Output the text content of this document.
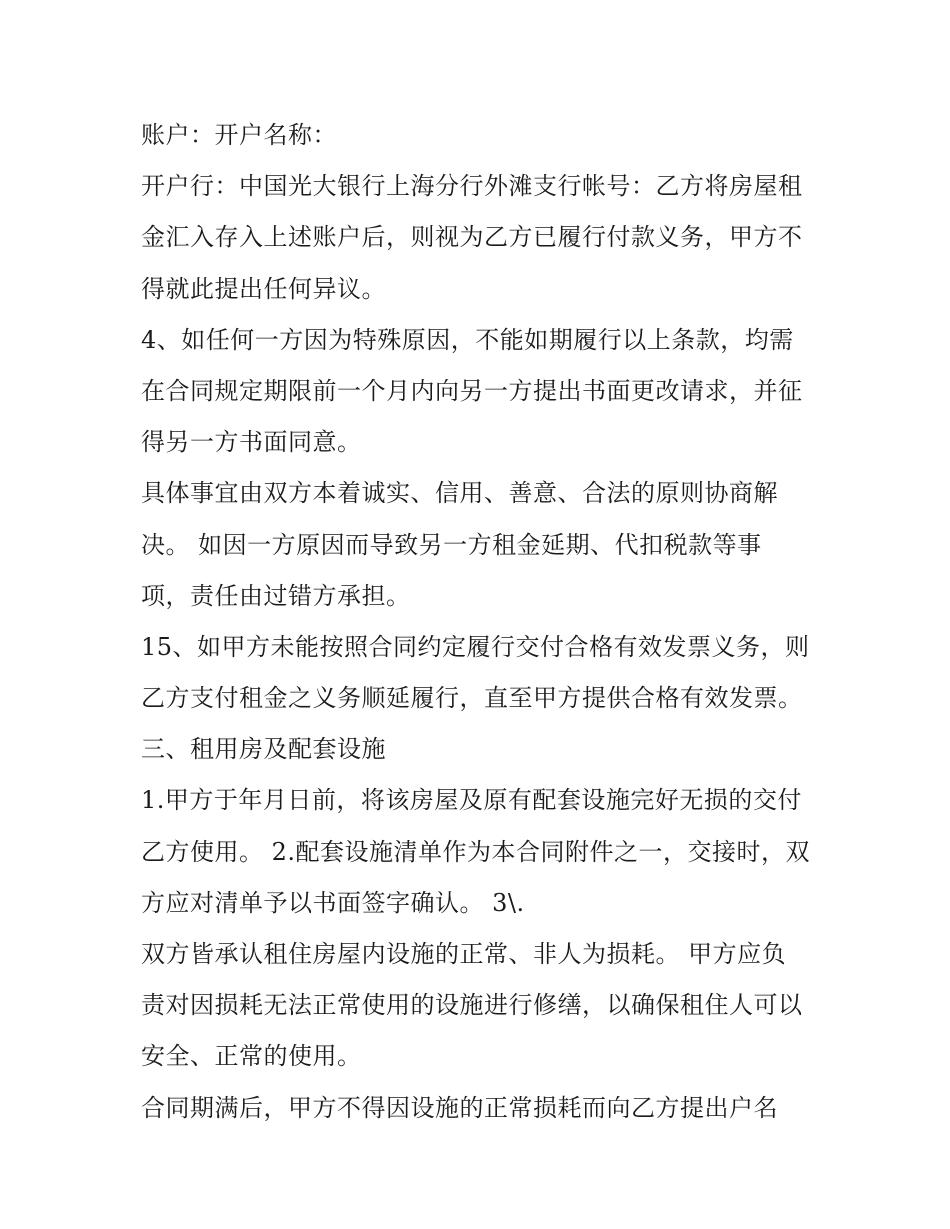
账户：开户名称：
开户行：中国光大银行上海分行外滩支行帐号：乙方将房屋租
金汇入存入上述账户后，则视为乙方已履行付款义务，甲方不
得就此提出任何异议。
4、如任何一方因为特殊原因，不能如期履行以上条款，均需
在合同规定期限前一个月内向另一方提出书面更改请求，并征
得另一方书面同意。
具体事宜由双方本着诚实、信用、善意、合法的原则协商解
决。 如因一方原因而导致另一方租金延期、代扣税款等事
项，责任由过错方承担。
15、如甲方未能按照合同约定履行交付合格有效发票义务，则
乙方支付租金之义务顺延履行，直至甲方提供合格有效发票。
三、租用房及配套设施
1.甲方于年月日前，将该房屋及原有配套设施完好无损的交付
乙方使用。 2.配套设施清单作为本合同附件之一，交接时，双
方应对清单予以书面签字确认。 3\.
双方皆承认租住房屋内设施的正常、非人为损耗。 甲方应负
责对因损耗无法正常使用的设施进行修缮，以确保租住人可以
安全、正常的使用。
合同期满后，甲方不得因设施的正常损耗而向乙方提出户名
